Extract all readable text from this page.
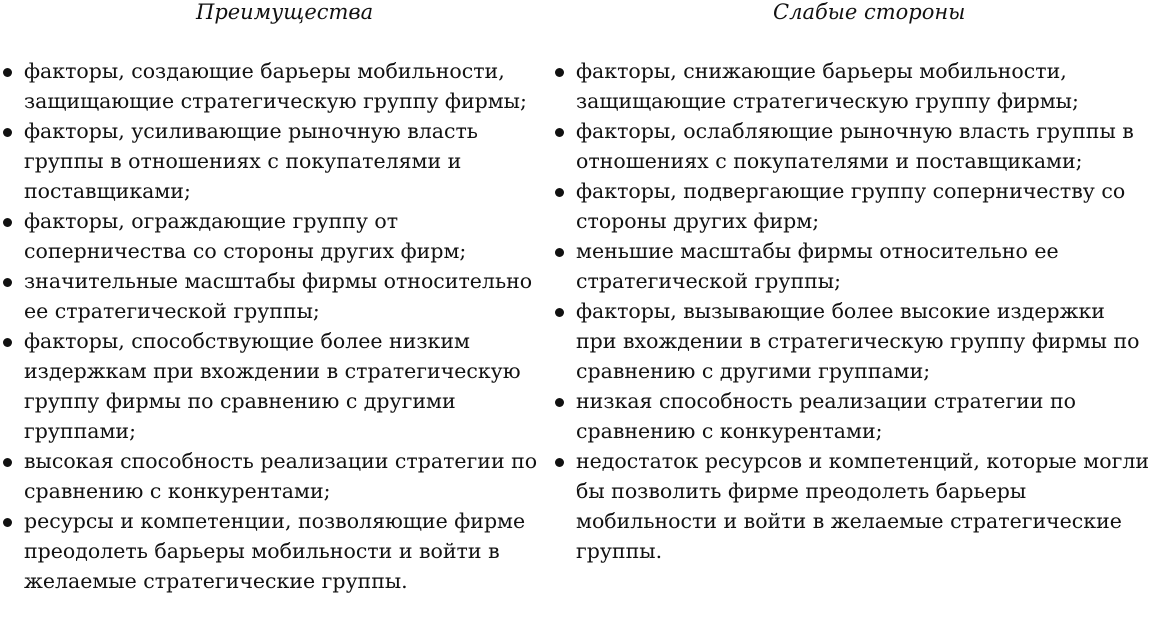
Преимущества
факторы, создающие барьеры мобильности, защищающие стратегическую группу фирмы;
факторы, усиливающие рыночную власть группы в отношениях с покупателями и поставщиками;
факторы, ограждающие группу от соперничества со стороны других фирм;
значительные масштабы фирмы относительно ее стратегической группы;
факторы, способствующие более низким издержкам при вхождении в стратегическую группу фирмы по сравнению с другими группами;
высокая способность реализации стратегии по сравнению с конкурентами;
ресурсы и компетенции, позволяющие фирме преодолеть барьеры мобильности и войти в желаемые стратегические группы.
Слабые стороны
факторы, снижающие барьеры мобильности, защищающие стратегическую группу фирмы;
факторы, ослабляющие рыночную власть группы в отношениях с покупателями и поставщиками;
факторы, подвергающие группу соперничеству со стороны других фирм;
меньшие масштабы фирмы относительно ее стратегической группы;
факторы, вызывающие более высокие издержки при вхождении в стратегическую группу фирмы по сравнению с другими группами;
низкая способность реализации стратегии по сравнению с конкурентами;
недостаток ресурсов и компетенций, которые могли бы позволить фирме преодолеть барьеры мобильности и войти в желаемые стратегические группы.
